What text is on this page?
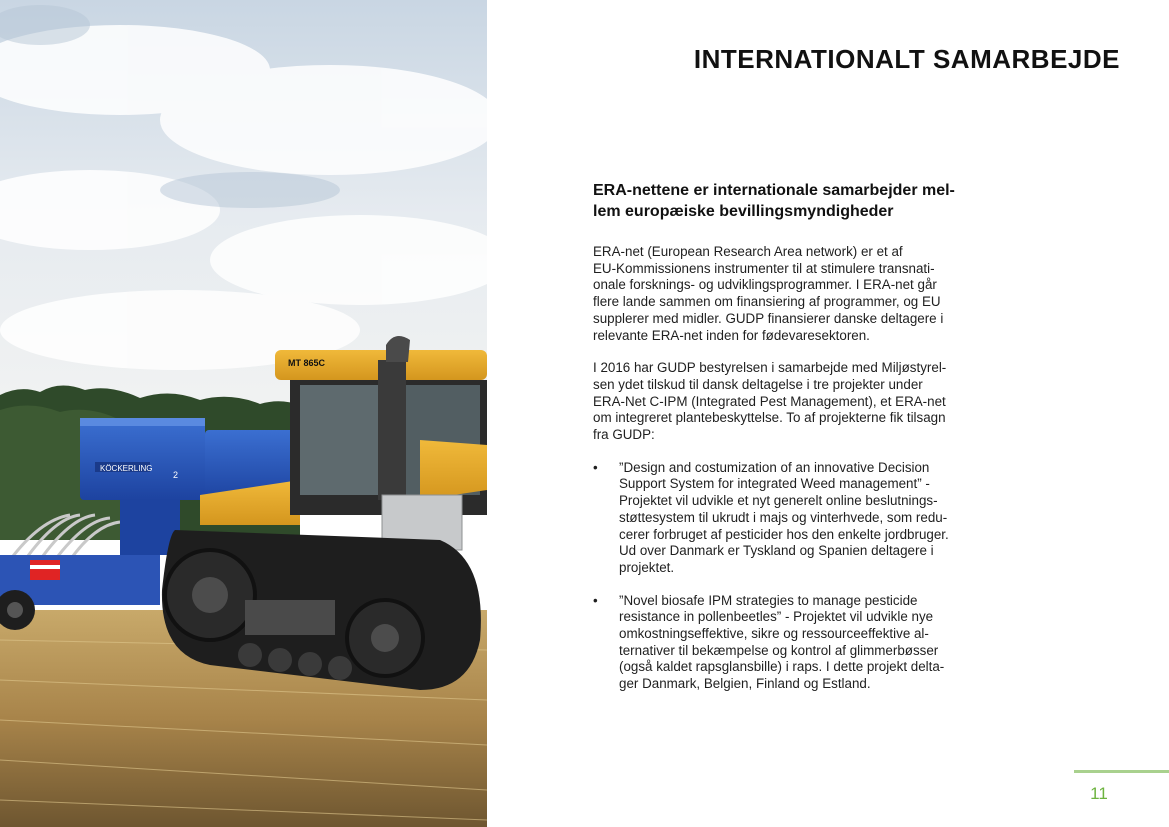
KÖCKERLING
2
MT 865C
INTERNATIONALT SAMARBEJDE

ERA-nettene er internationale samarbejder mel-
lem europæiske bevillingsmyndigheder

ERA-net (European Research Area network) er et af
EU-Kommissionens instrumenter til at stimulere transnati-
onale forsknings- og udviklingsprogrammer. I ERA-net går
flere lande sammen om finansiering af programmer, og EU
supplerer med midler. GUDP finansierer danske deltagere i
relevante ERA-net inden for fødevaresektoren.

I 2016 har GUDP bestyrelsen i samarbejde med Miljøstyrel-
sen ydet tilskud til dansk deltagelse i tre projekter under
ERA-Net C-IPM (Integrated Pest Management), et ERA-net
om integreret plantebeskyttelse. To af projekterne fik tilsagn
fra GUDP:

• ”Design and costumization of an innovative Decision
Support System for integrated Weed management” -
Projektet vil udvikle et nyt generelt online beslutnings-
støttesystem til ukrudt i majs og vinterhvede, som redu-
cerer forbruget af pesticider hos den enkelte jordbruger.
Ud over Danmark er Tyskland og Spanien deltagere i
projektet.
• ”Novel biosafe IPM strategies to manage pesticide
resistance in pollenbeetles” - Projektet vil udvikle nye
omkostningseffektive, sikre og ressourceeffektive al-
ternativer til bekæmpelse og kontrol af glimmerbøsser
(også kaldet rapsglansbille) i raps. I dette projekt delta-
ger Danmark, Belgien, Finland og Estland.
11
